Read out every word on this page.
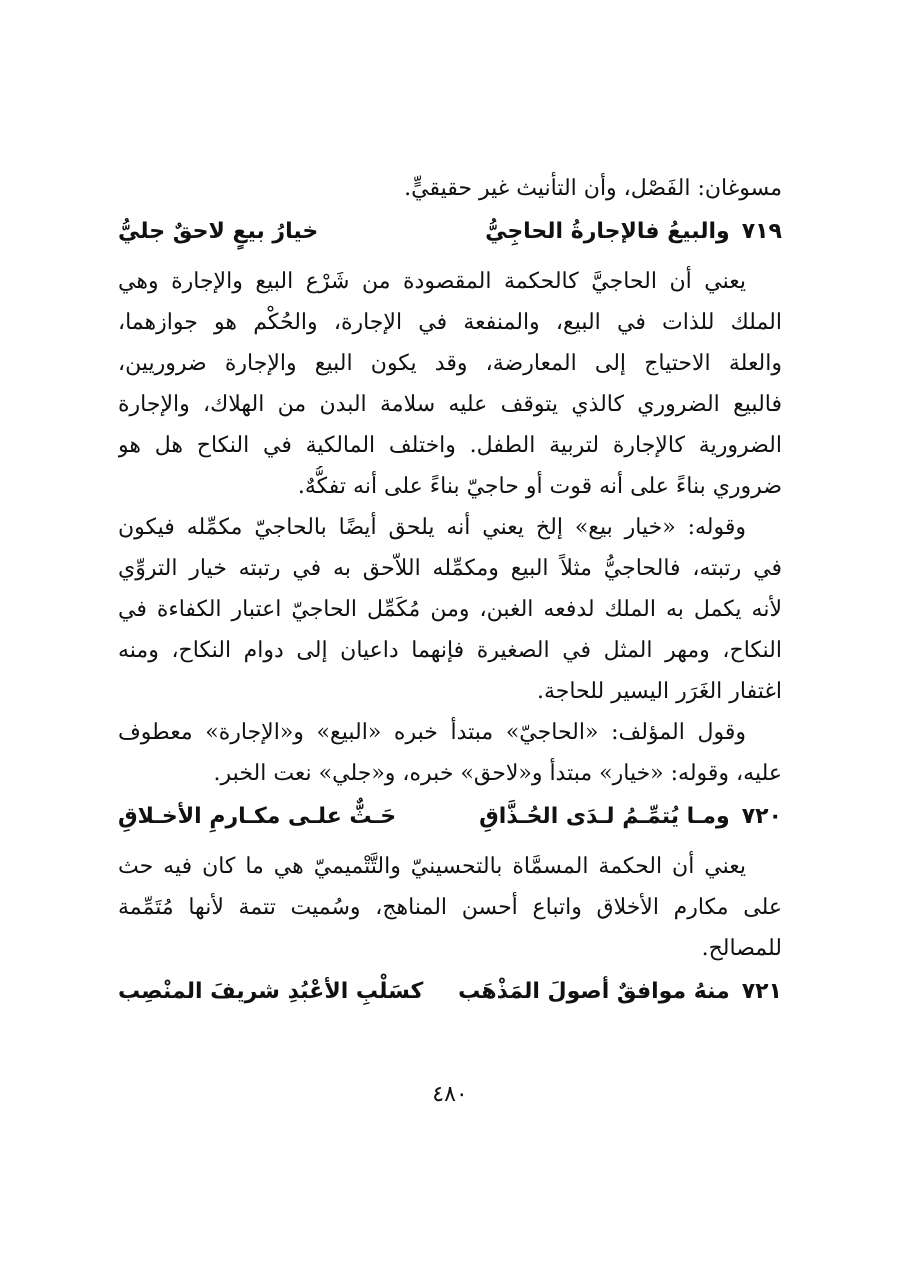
مسوغان: الفَصْل، وأن التأنيث غير حقيقيٍّ.
٧١٩
والبيعُ فالإجارةُ الحاجِيُّ
خيارُ بيعٍ لاحقٌ جليُّ
يعني أن الحاجيَّ كالحكمة المقصودة من شَرْع البيع والإجارة وهي
الملك للذات في البيع، والمنفعة في الإجارة، والحُكْم هو جوازهما،
والعلة الاحتياج إلى المعارضة، وقد يكون البيع والإجارة ضروريين،
فالبيع الضروري كالذي يتوقف عليه سلامة البدن من الهلاك، والإجارة
الضرورية كالإجارة لتربية الطفل. واختلف المالكية في النكاح هل هو
ضروري بناءً على أنه قوت أو حاجيّ بناءً على أنه تفكُّهٌ.
وقوله: «خيار بيع» إلخ يعني أنه يلحق أيضًا بالحاجيّ مكمِّله فيكون
في رتبته، فالحاجيُّ مثلاً البيع ومكمِّله اللاّحق به في رتبته خيار التروِّي
لأنه يكمل به الملك لدفعه الغبن، ومن مُكَمِّل الحاجيّ اعتبار الكفاءة في
النكاح، ومهر المثل في الصغيرة فإنهما داعيان إلى دوام النكاح، ومنه
اغتفار الغَرَر اليسير للحاجة.
وقول المؤلف: «الحاجيّ» مبتدأ خبره «البيع» و«الإجارة» معطوف
عليه، وقوله: «خيار» مبتدأ و«لاحق» خبره، و«جلي» نعت الخبر.
٧٢٠
ومـا يُتمِّـمُ لـدَى الحُـذَّاقِ
حَـثٌّ علـى مكـارمِ الأخـلاقِ
يعني أن الحكمة المسمَّاة بالتحسينيّ والتَّتْميميّ هي ما كان فيه حث
على مكارم الأخلاق واتباع أحسن المناهج، وسُميت تتمة لأنها مُتَمِّمة
للمصالح.
٧٢١
منهُ موافقٌ أصولَ المَذْهَب
كسَلْبِ الأعْبُدِ شريفَ المنْصِب
٤٨٠
